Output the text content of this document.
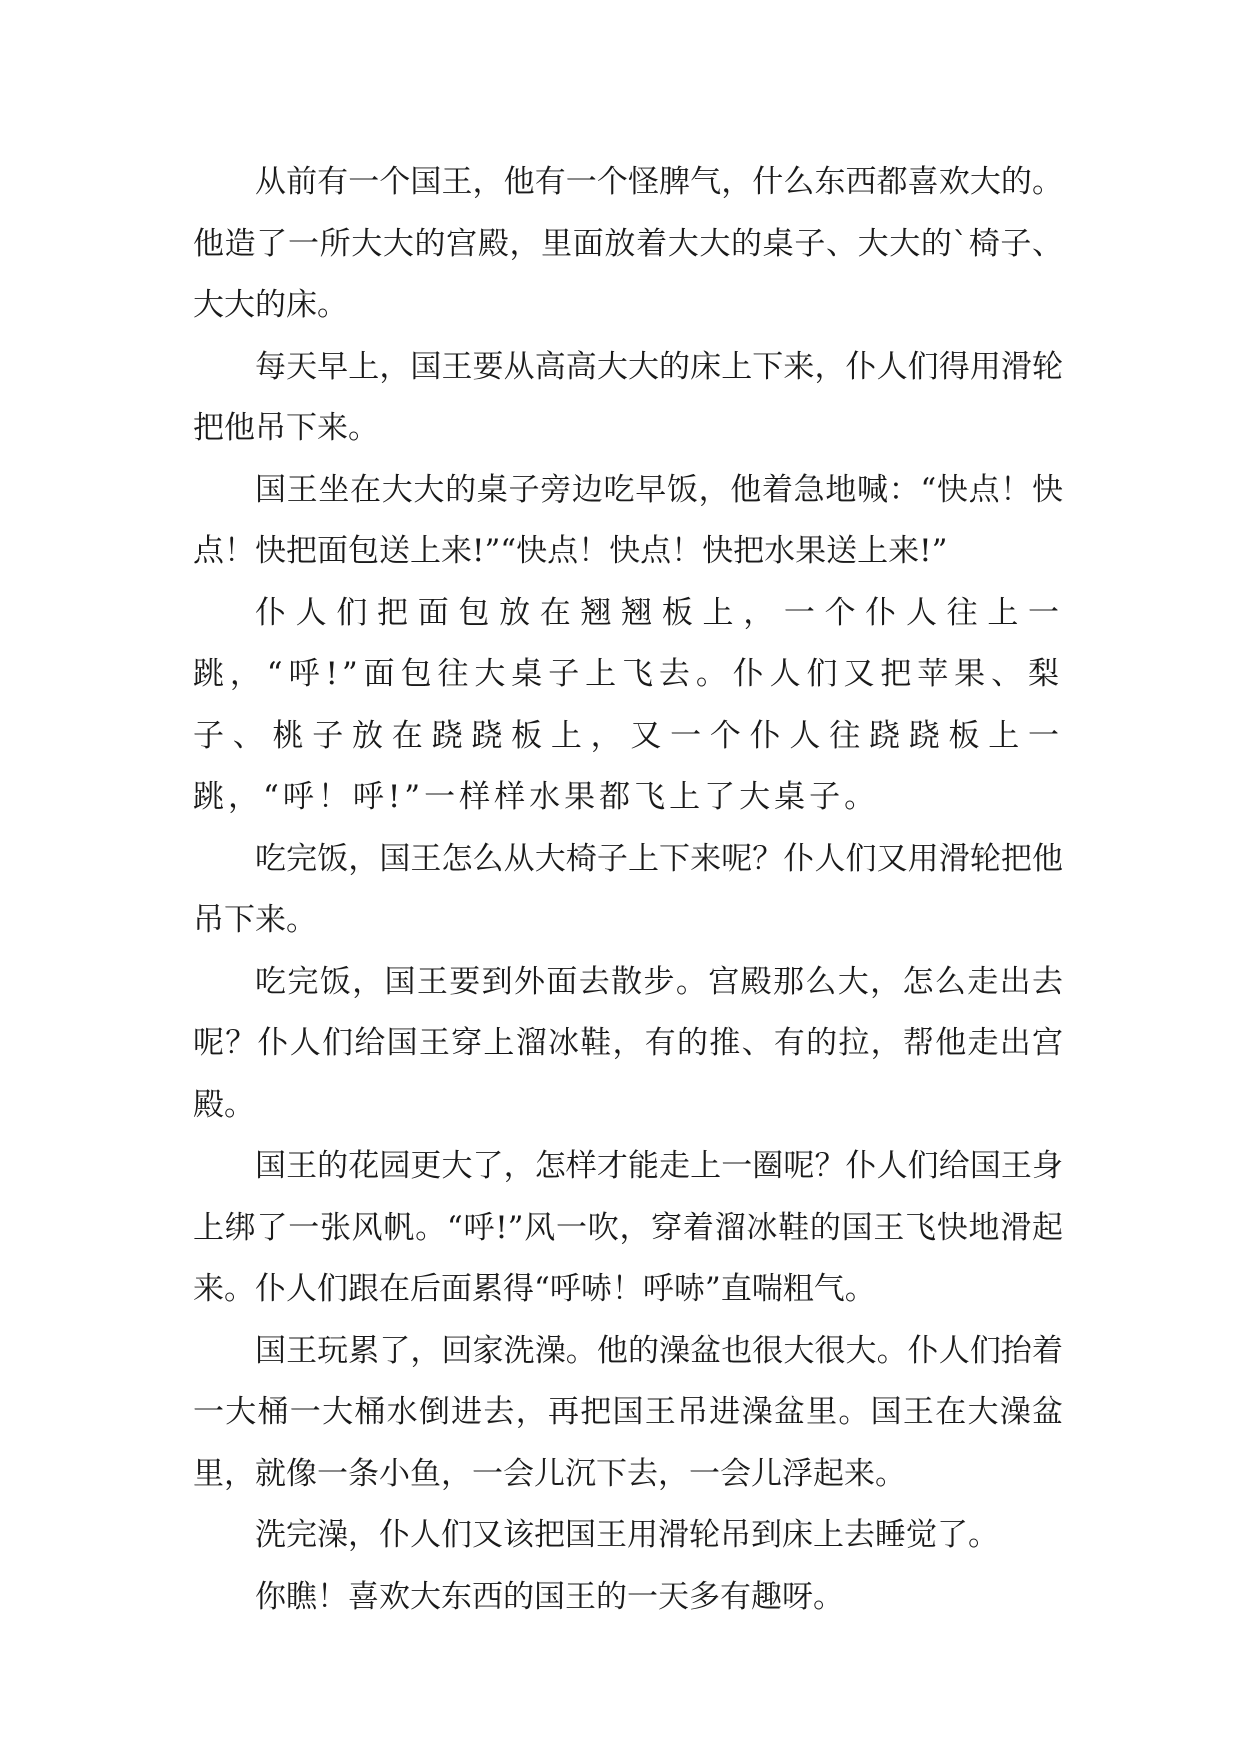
从前有一个国王，他有一个怪脾气，什么东西都喜欢大的。他造了一所大大的宫殿，里面放着大大的桌子、大大的`椅子、大大的床。

每天早上，国王要从高高大大的床上下来，仆人们得用滑轮把他吊下来。

国王坐在大大的桌子旁边吃早饭，他着急地喊：“快点！快点！快把面包送上来!”“快点！快点！快把水果送上来!”

仆人们把面包放在翘翘板上，一个仆人往上一跳，“呼!”面包往大桌子上飞去。仆人们又把苹果、梨子、桃子放在跷跷板上，又一个仆人往跷跷板上一跳，“呼！呼!”一样样水果都飞上了大桌子。

吃完饭，国王怎么从大椅子上下来呢？仆人们又用滑轮把他吊下来。

吃完饭，国王要到外面去散步。宫殿那么大，怎么走出去呢？仆人们给国王穿上溜冰鞋，有的推、有的拉，帮他走出宫殿。

国王的花园更大了，怎样才能走上一圈呢？仆人们给国王身上绑了一张风帆。“呼!”风一吹，穿着溜冰鞋的国王飞快地滑起来。仆人们跟在后面累得“呼哧！呼哧”直喘粗气。

国王玩累了，回家洗澡。他的澡盆也很大很大。仆人们抬着一大桶一大桶水倒进去，再把国王吊进澡盆里。国王在大澡盆里，就像一条小鱼，一会儿沉下去，一会儿浮起来。

洗完澡，仆人们又该把国王用滑轮吊到床上去睡觉了。

你瞧！喜欢大东西的国王的一天多有趣呀。
